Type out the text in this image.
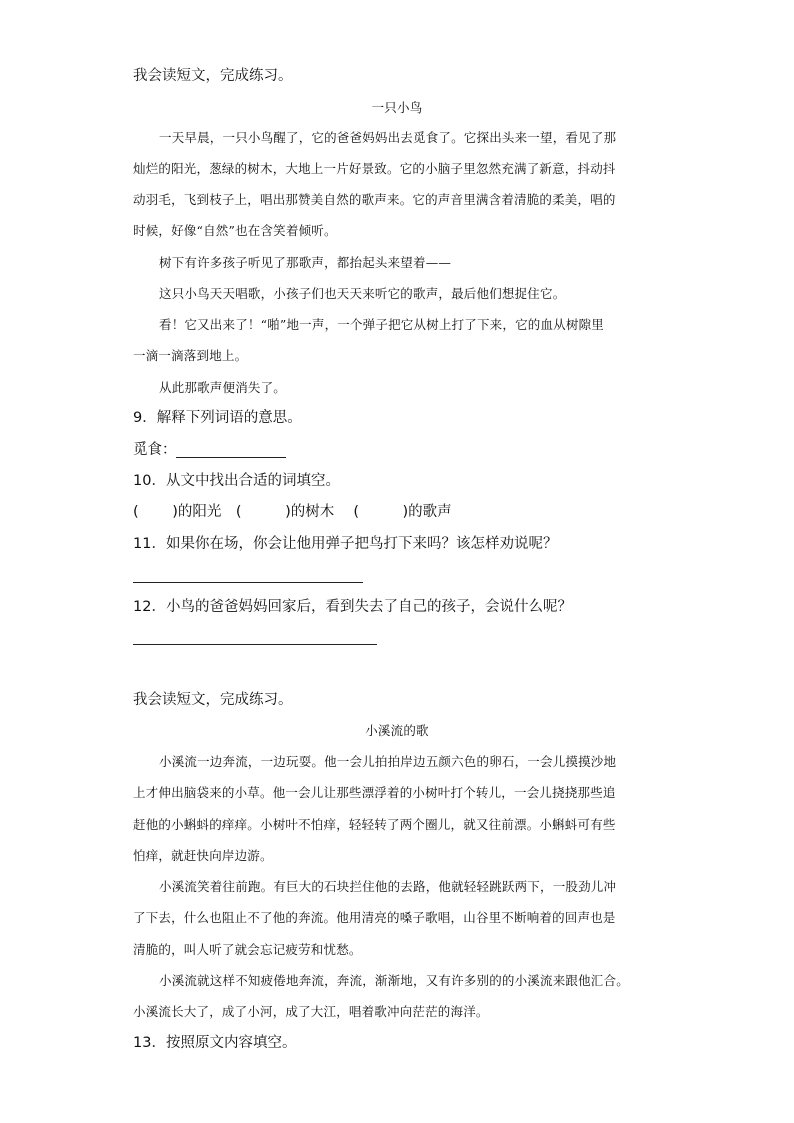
我会读短文，完成练习。
一只小鸟
一天早晨，一只小鸟醒了，它的爸爸妈妈出去觅食了。它探出头来一望，看见了那
灿烂的阳光，葱绿的树木，大地上一片好景致。它的小脑子里忽然充满了新意，抖动抖
动羽毛，飞到枝子上，唱出那赞美自然的歌声来。它的声音里满含着清脆的柔美，唱的
时候，好像“自然”也在含笑着倾听。
树下有许多孩子听见了那歌声，都抬起头来望着——
这只小鸟天天唱歌，小孩子们也天天来听它的歌声，最后他们想捉住它。
看！它又出来了！“啪”地一声，一个弹子把它从树上打了下来，它的血从树隙里
一滴一滴落到地上。
从此那歌声便消失了。
9．解释下列词语的意思。
觅食：
10．从文中找出合适的词填空。
(　　 )的阳光　(　　　)的树木　 (　　　)的歌声
11．如果你在场，你会让他用弹子把鸟打下来吗？该怎样劝说呢？
12．小鸟的爸爸妈妈回家后，看到失去了自己的孩子，会说什么呢？
我会读短文，完成练习。
小溪流的歌
小溪流一边奔流，一边玩耍。他一会儿拍拍岸边五颜六色的卵石，一会儿摸摸沙地
上才伸出脑袋来的小草。他一会儿让那些漂浮着的小树叶打个转儿，一会儿挠挠那些追
赶他的小蝌蚪的痒痒。小树叶不怕痒，轻轻转了两个圈儿，就又往前漂。小蝌蚪可有些
怕痒，就赶快向岸边游。
小溪流笑着往前跑。有巨大的石块拦住他的去路，他就轻轻跳跃两下，一股劲儿冲
了下去，什么也阻止不了他的奔流。他用清亮的嗓子歌唱，山谷里不断响着的回声也是
清脆的，叫人听了就会忘记疲劳和忧愁。
小溪流就这样不知疲倦地奔流，奔流，渐渐地，又有许多别的的小溪流来跟他汇合。
小溪流长大了，成了小河，成了大江，唱着歌冲向茫茫的海洋。
13．按照原文内容填空。
